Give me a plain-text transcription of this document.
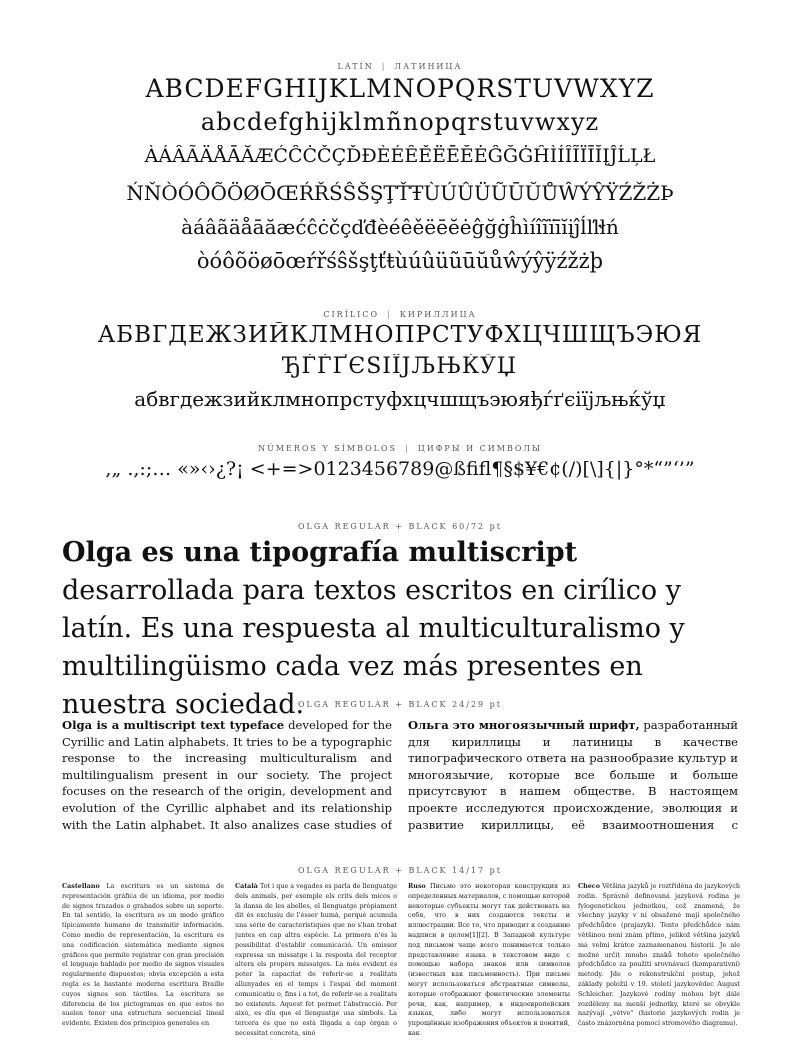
LATÍN | ЛАТИНИЦА
ABCDEFGHIJKLMNOPQRSTUVWXYZ
abcdefghijklmñnopqrstuvwxyz
ÀÁÂÃÄÅĀĂÆĆĈĊČÇĎĐÈÉÊĚËĒĔĖĜĞĠĤÌÍÎĨÏĪĬĮĴĹĻŁ
ŃŇÒÓÔÕÖØŌŒŔŘŚŜŠŞŢŤŦÙÚÛÜŨŪŬŮŴÝŶŸŹŽŻÞ
àáâãäåāăæćĉċčçďđèéêěëēĕėĝğġĥìíîĩïīĭįĵĺľŀłń
òóôõöøōœŕřśŝšşţťŧùúûüũūŭůŵýŷÿźžżþ
CIRÍLICO | КИРИЛЛИЦА
АБВГДЕЖЗИЙКЛМНОПРСТУФХЦЧШЩЪЭЮЯ
ЂЃЃҐЄЅІЇЈЉЊЌЎЏ
абвгдежзийклмнопрстуфхцчшщъэюяђѓґєіїјљњќўџ
NÚMEROS Y SÍMBOLOS | ЦИФРЫ И СИМВОЛЫ
,„ .,:;… «»‹›¿?¡ <+=>0123456789@ßfifl¶§$¥€¢(/)[\]{|}°*“”‘’”
OLGA REGULAR + BLACK 60/72 pt

Olga es una tipografía multiscript desarrollada para textos escritos en cirílico y latín. Es una respuesta al multiculturalismo y multilingüismo cada vez más presentes en nuestra sociedad.

OLGA REGULAR + BLACK 24/29 pt

Olga is a multiscript text typeface developed for the Cyrillic and Latin alphabets. It tries to be a typographic response to the increasing multiculturalism and multilingualism present in our society. The project focuses on the research of the origin, development and evolution of the Cyrillic alphabet and its relationship with the Latin alphabet. It also analizes case studies of

Ольга это многоязычный шрифт, разработанный для кириллицы и латиницы в качестве типографического ответа на разнообразие культур и многоязычие, которые все больше и больше присутсвуют в нашем обществе. В настоящем проекте исследуются происхождение, эволюция и развитие кириллицы, её взаимоотношения с

OLGA REGULAR + BLACK 14/17 pt

Castellano La escritura es un sistema de representación gráfica de un idioma, por medio de signos trazados o grabados sobre un soporte. En tal sentido, la escritura es un modo gráfico típicamente humano de transmitir información. Como medio de representación, la escritura es una codificación sistemática mediante signos gráficos que permite registrar con gran precisión el lenguaje hablado por medio de signos visuales regularmente dispuestos; obvia excepción a esta regla es la bastante moderna escritura Braille cuyos signos son táctiles. La escritura se diferencia de los pictogramas en que estos no suelen tener una estructura secuencial lineal evidente. Existen dos principios generales en

Català Tot i que a vegades es parla de llenguatge dels animals, per exemple els crits dels micos o la dansa de les abelles, el llenguatge pròpiament dit és exclusiu de l'ésser humà, perquè acumula una sèrie de característiques que no s'han trobat juntes en cap altra espècie. La primera n'és la possibilitat d'establir comunicació. Un emissor expressa un missatge i la resposta del receptor altera els propers missatges. La més evident és poter la capacitat de referir-se a realitats allunyades en el temps i l'espai del moment comunicatiu o, fins i a tot, de referir-se a realitats no existents. Aquest fet permet l'abstracció. Per això, es diu que el llenguatge usa símbols. La tercera és que no està lligada a cap òrgan o necessitat concreta, sinó

Ruso Письмо это некоторая конструкция из определенных материалов, с помощью которой некоторые субъекты могут так действовать на себя, что в них создаются тексты и иллюстрации. Все то, что приводит к созданию надписи в целом[1][2]. В Западной культуре под письмом чаще всего понимается только представление языка в текстовом виде с помощью набора знаков или символов (известных как письменность). При письме могут использоваться абстрактные символы, которые отображают фонетические элементы речи, как, например, в индоевропейских языках, либо могут использоваться упрощённые изображения объектов и понятий, как

Checo Většina jazyků je roztříděna do jazykových rodin. Správně definovaná jazyková rodina je fylogenetickou jednotkou, což znamená, že všechny jazyky v ní obsažené mají společného předchůdce (prajazyk). Tento předchůdce nám většinou není znám přímo, jelikož většina jazyků má velmi krátce zaznamenanou historii. Je ale možné určit mnoho znaků tohoto společného předchůdce za použití srovnávací (komparativní) metody. Jde o rekonstrukční postup, jehož základy položil v 19. století jazykovědec August Schleicher. Jazykové rodiny mohou být dále rozděleny na menší jednotky, které se obvykle nazývají „větve" (historie jazykových rodin je často znázorněna pomocí stromového diagramu).
